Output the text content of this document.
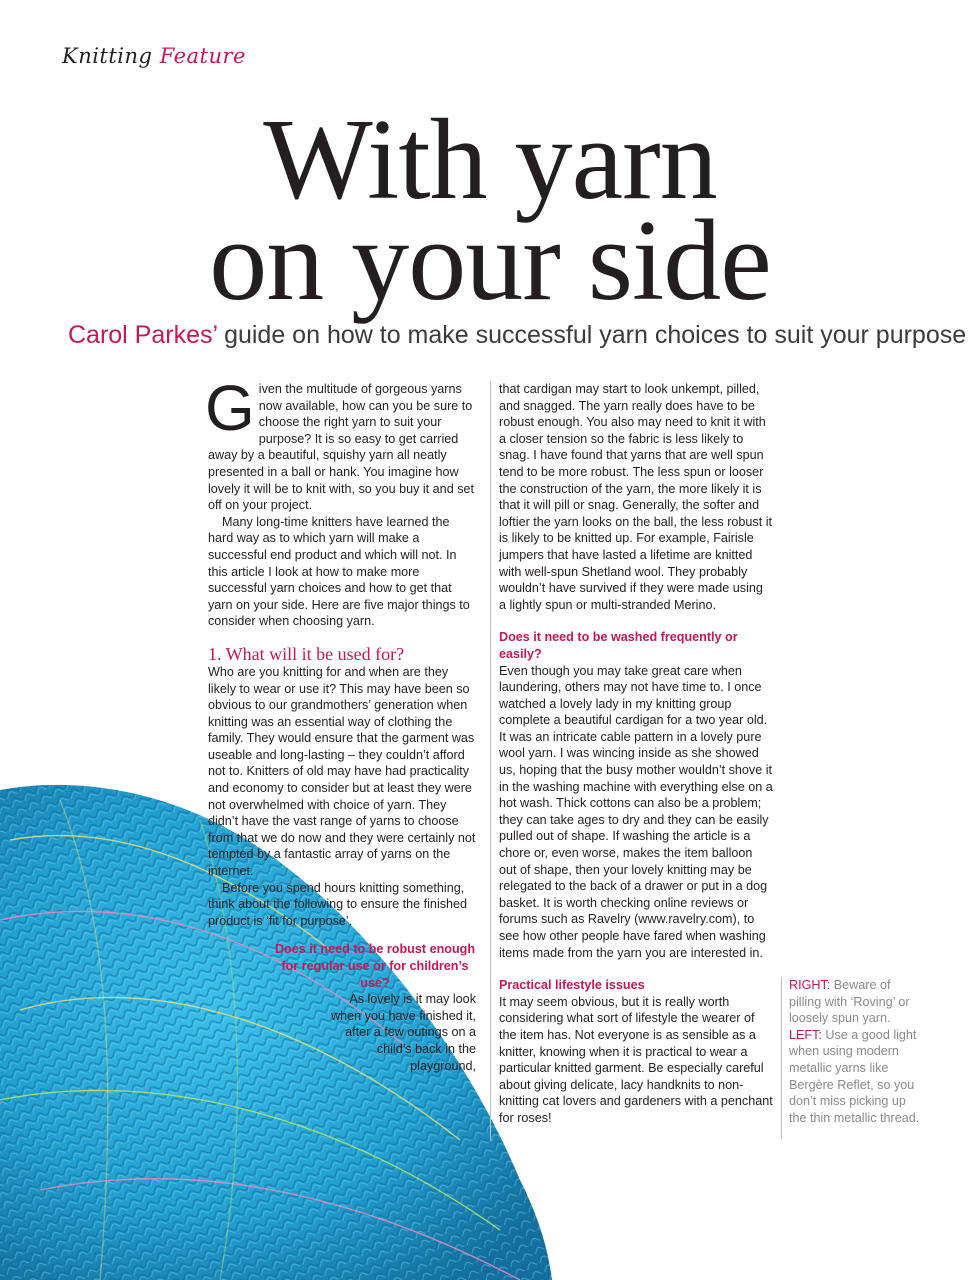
Knitting Feature
With yarn
on your side

Carol Parkes’ guide on how to make successful yarn choices to suit your purpose

Given the multitude of gorgeous yarns now available, how can you be sure to choose the right yarn to suit your purpose? It is so easy to get carried away by a beautiful, squishy yarn all neatly presented in a ball or hank. You imagine how lovely it will be to knit with, so you buy it and set off on your project.

Many long-time knitters have learned the hard way as to which yarn will make a successful end product and which will not. In this article I look at how to make more successful yarn choices and how to get that yarn on your side. Here are five major things to consider when choosing yarn.

1. What will it be used for?

Who are you knitting for and when are they likely to wear or use it? This may have been so obvious to our grandmothers’ generation when knitting was an essential way of clothing the family. They would ensure that the garment was useable and long-lasting – they couldn’t afford not to. Knitters of old may have had practicality and economy to consider but at least they were not overwhelmed with choice of yarn. They didn’t have the vast range of yarns to choose from that we do now and they were certainly not tempted by a fantastic array of yarns on the internet.

Before you spend hours knitting something, think about the following to ensure the finished product is ‘fit for purpose’.

Does it need to be robust enough for regular use or for children’s use?

As lovely is it may look when you have finished it, after a few outings on a child’s back in the playground,

that cardigan may start to look unkempt, pilled, and snagged. The yarn really does have to be robust enough. You also may need to knit it with a closer tension so the fabric is less likely to snag. I have found that yarns that are well spun tend to be more robust. The less spun or looser the construction of the yarn, the more likely it is that it will pill or snag. Generally, the softer and loftier the yarn looks on the ball, the less robust it is likely to be knitted up. For example, Fairisle jumpers that have lasted a lifetime are knitted with well-spun Shetland wool. They probably wouldn’t have survived if they were made using a lightly spun or multi-stranded Merino.

Does it need to be washed frequently or easily?

Even though you may take great care when laundering, others may not have time to. I once watched a lovely lady in my knitting group complete a beautiful cardigan for a two year old. It was an intricate cable pattern in a lovely pure wool yarn. I was wincing inside as she showed us, hoping that the busy mother wouldn’t shove it in the washing machine with everything else on a hot wash. Thick cottons can also be a problem; they can take ages to dry and they can be easily pulled out of shape. If washing the article is a chore or, even worse, makes the item balloon out of shape, then your lovely knitting may be relegated to the back of a drawer or put in a dog basket. It is worth checking online reviews or forums such as Ravelry (www.ravelry.com), to see how other people have fared when washing items made from the yarn you are interested in.

Practical lifestyle issues

It may seem obvious, but it is really worth considering what sort of lifestyle the wearer of the item has. Not everyone is as sensible as a knitter, knowing when it is practical to wear a particular knitted garment. Be especially careful about giving delicate, lacy handknits to non-knitting cat lovers and gardeners with a penchant for roses!

RIGHT: Beware of pilling with ‘Roving’ or loosely spun yarn.
LEFT: Use a good light when using modern metallic yarns like Bergère Reflet, so you don’t miss picking up the thin metallic thread.
